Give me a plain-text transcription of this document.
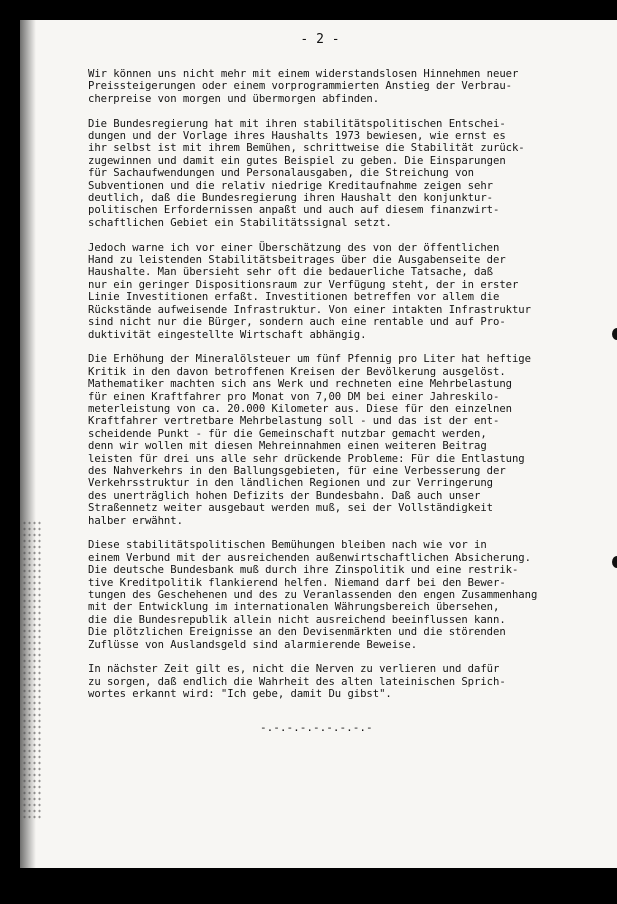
- 2 -
Wir können uns nicht mehr mit einem widerstandslosen Hinnehmen neuer
Preissteigerungen oder einem vorprogrammierten Anstieg der Verbrau-
cherpreise von morgen und übermorgen abfinden.
Die Bundesregierung hat mit ihren stabilitätspolitischen Entschei-
dungen und der Vorlage ihres Haushalts 1973 bewiesen, wie ernst es
ihr selbst ist mit ihrem Bemühen, schrittweise die Stabilität zurück-
zugewinnen und damit ein gutes Beispiel zu geben. Die Einsparungen
für Sachaufwendungen und Personalausgaben, die Streichung von
Subventionen und die relativ niedrige Kreditaufnahme zeigen sehr
deutlich, daß die Bundesregierung ihren Haushalt den konjunktur-
politischen Erfordernissen anpaßt und auch auf diesem finanzwirt-
schaftlichen Gebiet ein Stabilitätssignal setzt.
Jedoch warne ich vor einer Überschätzung des von der öffentlichen
Hand zu leistenden Stabilitätsbeitrages über die Ausgabenseite der
Haushalte. Man übersieht sehr oft die bedauerliche Tatsache, daß
nur ein geringer Dispositionsraum zur Verfügung steht, der in erster
Linie Investitionen erfaßt. Investitionen betreffen vor allem die
Rückstände aufweisende Infrastruktur. Von einer intakten Infrastruktur
sind nicht nur die Bürger, sondern auch eine rentable und auf Pro-
duktivität eingestellte Wirtschaft abhängig.
Die Erhöhung der Mineralölsteuer um fünf Pfennig pro Liter hat heftige
Kritik in den davon betroffenen Kreisen der Bevölkerung ausgelöst.
Mathematiker machten sich ans Werk und rechneten eine Mehrbelastung
für einen Kraftfahrer pro Monat von 7,00 DM bei einer Jahreskilo-
meterleistung von ca. 20.000 Kilometer aus. Diese für den einzelnen
Kraftfahrer vertretbare Mehrbelastung soll - und das ist der ent-
scheidende Punkt - für die Gemeinschaft nutzbar gemacht werden,
denn wir wollen mit diesen Mehreinnahmen einen weiteren Beitrag
leisten für drei uns alle sehr drückende Probleme: Für die Entlastung
des Nahverkehrs in den Ballungsgebieten, für eine Verbesserung der
Verkehrsstruktur in den ländlichen Regionen und zur Verringerung
des unerträglich hohen Defizits der Bundesbahn. Daß auch unser
Straßennetz weiter ausgebaut werden muß, sei der Vollständigkeit
halber erwähnt.
Diese stabilitätspolitischen Bemühungen bleiben nach wie vor in
einem Verbund mit der ausreichenden außenwirtschaftlichen Absicherung.
Die deutsche Bundesbank muß durch ihre Zinspolitik und eine restrik-
tive Kreditpolitik flankierend helfen. Niemand darf bei den Bewer-
tungen des Geschehenen und des zu Veranlassenden den engen Zusammenhang
mit der Entwicklung im internationalen Währungsbereich übersehen,
die die Bundesrepublik allein nicht ausreichend beeinflussen kann.
Die plötzlichen Ereignisse an den Devisenmärkten und die störenden
Zuflüsse von Auslandsgeld sind alarmierende Beweise.
In nächster Zeit gilt es, nicht die Nerven zu verlieren und dafür
zu sorgen, daß endlich die Wahrheit des alten lateinischen Sprich-
wortes erkannt wird: "Ich gebe, damit Du gibst".
-.-.-.-.-.-.-.-.-
